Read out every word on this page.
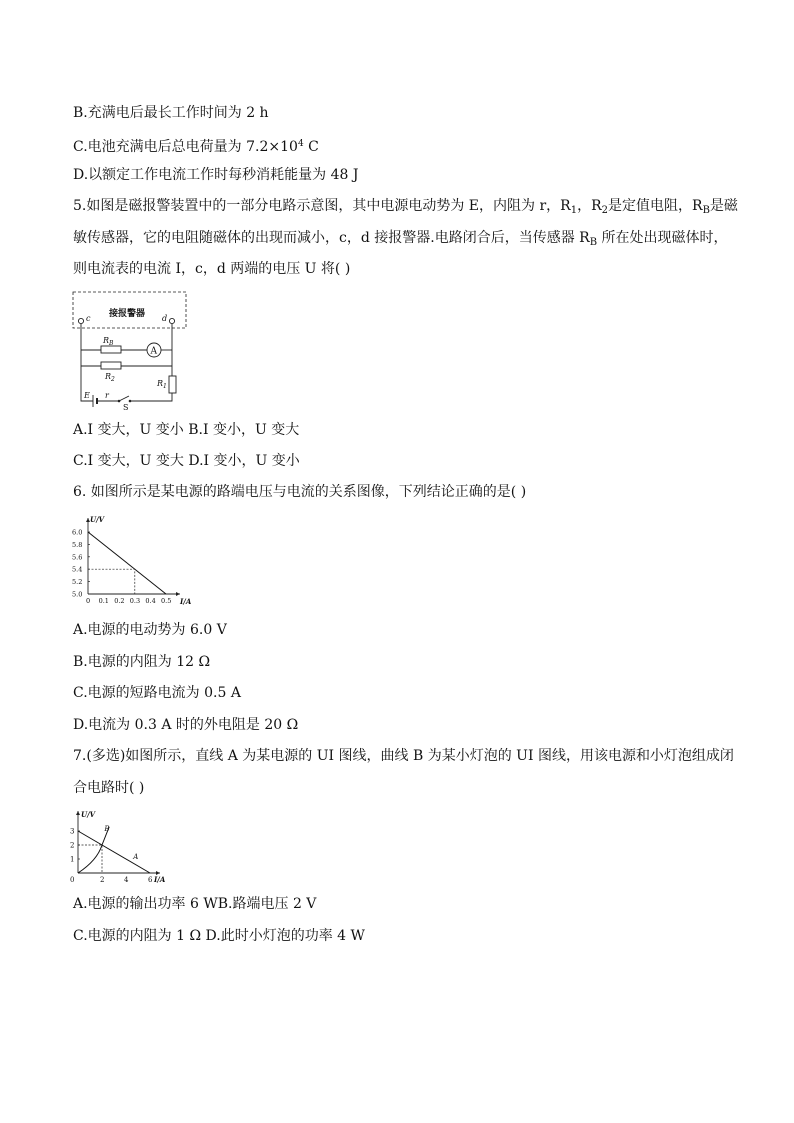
B.充满电后最长工作时间为 2 h
C.电池充满电后总电荷量为 $7.2\times 10^4$ C
D.以额定工作电流工作时每秒消耗能量为 48 J
5.如图是磁报警装置中的一部分电路示意图，其中电源电动势为 E，内阻为 r，$R_1$，$R_2$是定值电阻，$R_B$是磁
敏传感器，它的电阻随磁体的出现而减小，c，d 接报警器.电路闭合后，当传感器 $R_B$ 所在处出现磁体时，
则电流表的电流 I，c，d 两端的电压 U 将( )
接报警器
c	d
$R_B$
A
$R_2$	$R_1$
E r
S
A.I 变大，U 变小 B.I 变小，U 变大
C.I 变大，U 变大 D.I 变小，U 变小
6. 如图所示是某电源的路端电压与电流的关系图像，下列结论正确的是( )
U/V
I/A
5.0
5.2
5.4
5.6
5.8
6.0
0 0.1 0.2 0.3 0.4 0.5
A.电源的电动势为 6.0 V
B.电源的内阻为 12 Ω
C.电源的短路电流为 0.5 A
D.电流为 0.3 A 时的外电阻是 20 Ω
7.(多选)如图所示，直线 A 为某电源的 UI 图线，曲线 B 为某小灯泡的 UI 图线，用该电源和小灯泡组成闭
合电路时( )
U/V
I/A
1
2
3
0	2	4	6
B
A
A.电源的输出功率 6 WB.路端电压 2 V
C.电源的内阻为 1 Ω D.此时小灯泡的功率 4 W
